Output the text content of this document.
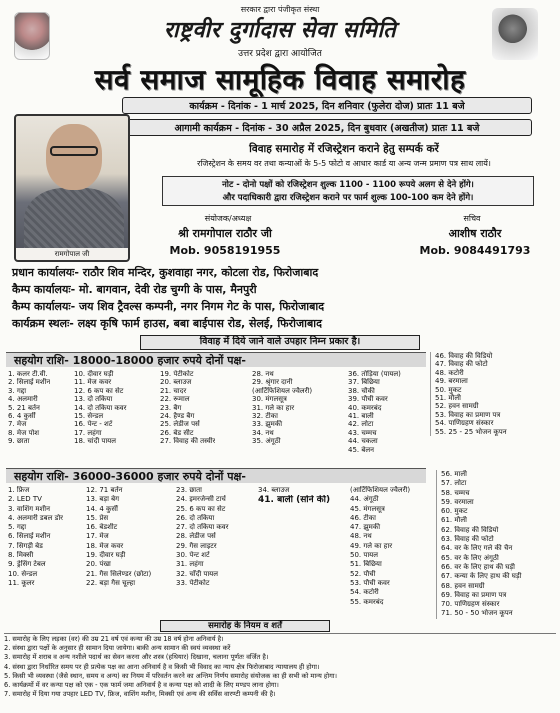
सरकार द्वारा पंजीकृत संस्था
राष्ट्रवीर दुर्गादास सेवा समिति
उत्तर प्रदेश द्वारा आयोजित
सर्व समाज सामूहिक विवाह समारोह
कार्यक्रम - दिनांक - 1 मार्च 2025, दिन शनिवार (फुलेरा दोज) प्रातः 11 बजे
आगामी कार्यक्रम - दिनांक - 30 अप्रैल 2025, दिन बुधवार (अखतीज) प्रातः 11 बजे
रामगोपाल जी
विवाह समारोह में रजिस्ट्रेशन कराने हेतु सम्पर्क करें
रजिस्ट्रेशन के समय वर तथा कन्याओं के 5-5 फोटो व आधार कार्ड या अन्य जन्म प्रमाण पत्र साथ लायें।
नोट - दोनो पक्षों को रजिस्ट्रेशन शुल्क 1100 - 1100 रूपये अलग से देने होंगे।
और पदाधिकारी द्वारा रजिस्ट्रेशन कराने पर फार्म शुल्क 100-100 कम देने होंगे।
संयोजक/अध्यक्ष
श्री रामगोपाल राठौर जी
Mob. 9058191955
सचिव
आशीष राठौर
Mob. 9084491793
प्रधान कार्यालयः- राठौर शिव मन्दिर, कुशवाहा नगर, कोटला रोड, फिरोजाबाद
कैम्प कार्यालयः- मो. बागवान, देवी रोड चुग्गी के पास, मैनपुरी
कैम्प कार्यालयः- जय शिव ट्रैवल्स कम्पनी, नगर निगम गेट के पास, फिरोजाबाद
कार्यक्रम स्थलः- लक्ष्य कृषि फार्म हाउस, बबा बाईपास रोड, सेलई, फिरोजाबाद
विवाह में दिये जाने वाले उपहार निम्न प्रकार है।
सहयोग राशि- 18000-18000 हजार रुपये दोनों पक्ष-
1. कलर टी.वी.
2. सिलाई मशीन
3. गद्दा
4. अलमारी
5. 21 बर्तन
6. 4 कुर्सी
7. मेज
8. मेज पोश
9. छाता
10. दीवार घड़ी
11. मेज कवर
12. 6 कप का सेट
13. दो तकिया
14. दो तकिया कवर
15. सेन्डल
16. पेन्ट - शर्ट
17. लहंगा
18. चांदी पायल
19. पेटीकोट
20. ब्लाउज
21. चादर
22. रूमाल
23. बैग
24. हैण्ड बैग
25. लेडीज पर्स
26. बेड सीट
27. विवाह की तस्वीर
28. नथ
29. श्रृंगार दानी
(आर्टिफिशियल ज्वैलरी)
30. मंगलसूत्र
31. गले का हार
32. टीका
33. झुमकी
34. नथ
35. अंगूठी
36. तोड़िया (पायल)
37. बिछिया
38. चौकी
39. पौची कवर
40. कमरबंद
41. बाली
42. लोटा
43. चम्मच
44. चकला
45. बेलन
46. विवाह की विडियो
47. विवाह की फोटो
48. कटोरी
49. बरमाला
50. मुकट
51. मौली
52. हवन सामग्री
53. विवाह का प्रमाण पत्र
54. पाणिग्रहण संस्कार
55. 25 - 25 भोजन कूपन
सहयोग राशि- 36000-36000 हजार रुपये दोनों पक्ष-
1. फ्रिज
2. LED TV
3. वाशिंग मशीन
4. अलमारी डबल डोर
5. गद्दा
6. सिलाई मशीन
7. सिगड़ी बेड
8. मिक्सी
9. ड्रेसिंग टेबल
10. सेन्डल
11. कूलर
12. 71 बर्तन
13. बड़ा बेग
14. 4 कुर्सी
15. प्रेस
16. बेडशीट
17. मेज
18. मेज कवर
19. दीवार घड़ी
20. पंखा
21. गैस सिलेण्डर (छोटा)
22. बड़ा गैस चूल्हा
23. छाता
24. इमरजेन्सी टार्च
25. 6 कप का सेट
26. दो तकिया
27. दो तकिया कवर
28. लेडीज पर्स
29. गैस लाइटर
30. पेन्ट शर्ट
31. लहंगा
32. चाँदी पायल
33. पेटीकोट
34. ब्लाउज
41. बाली (सोने की)
(आर्टिफिशियल ज्वैलरी)
44. अंगूठी
45. मंगलसूत्र
46. टीका
47. झुमकी
48. नथ
49. गले का हार
50. पायल
51. बिछिया
52. पौची
53. पौची कवर
54. कटोरी
55. कमरबंद
56. माली
57. लोटा
58. चम्मच
59. वरमाला
60. मुकट
61. मौली
62. विवाह की विडियो
63. विवाह की फोटो
64. वर के लिए गले की चैन
65. वर के लिए अंगूठी
66. वर के लिए हाथ की घड़ी
67. कन्या के लिए हाथ की घड़ी
68. हवन सामग्री
69. विवाह का प्रमाण पत्र
70. पाणिग्रहण संस्कार
71. 50 - 50 भोजन कूपन
समारोह के नियम व शर्तें
1. समारोह के लिए लड़का (वर) की उम्र 21 वर्ष एवं कन्या की उम्र 18 वर्ष होना अनिवार्य है।
2. संस्था द्वारा पक्षों के अनुसार ही सामान दिया जायेगा। बाकी अन्य सामान की स्वयं व्यवस्था करें
3. समारोह में शराब व अन्य नशीले पदार्थ का सेवन करना और शस्त्र (हथियार) दिखाना, चलाना पूर्णतः वर्जित है।
4. संस्था द्वारा निर्धारित समय पर ही प्रत्येक पक्ष का आना अनिवार्य है व किसी भी विवाद का न्याय क्षेत्र फिरोजाबाद न्यायालय ही होगा।
5. किसी भी व्यवस्था (जैसे स्थान, समय व अन्य) का नियम में परिवर्तन करने का अन्तिम निर्णय समारोह संयोजक का ही सभी को मान्य होगा।
6. कार्यक्रमों में वर कन्या पक्ष को एक - एक फार्म जमा अनिवार्य है व कन्या पक्ष को शादी के लिए मण्डप लाना होगा।
7. समारोह में दिया गया उपहार LED TV, फ्रिज, वाशिंग मशीन, मिक्सी एवं अन्य की सर्विस वारण्टी कम्पनी की है।
